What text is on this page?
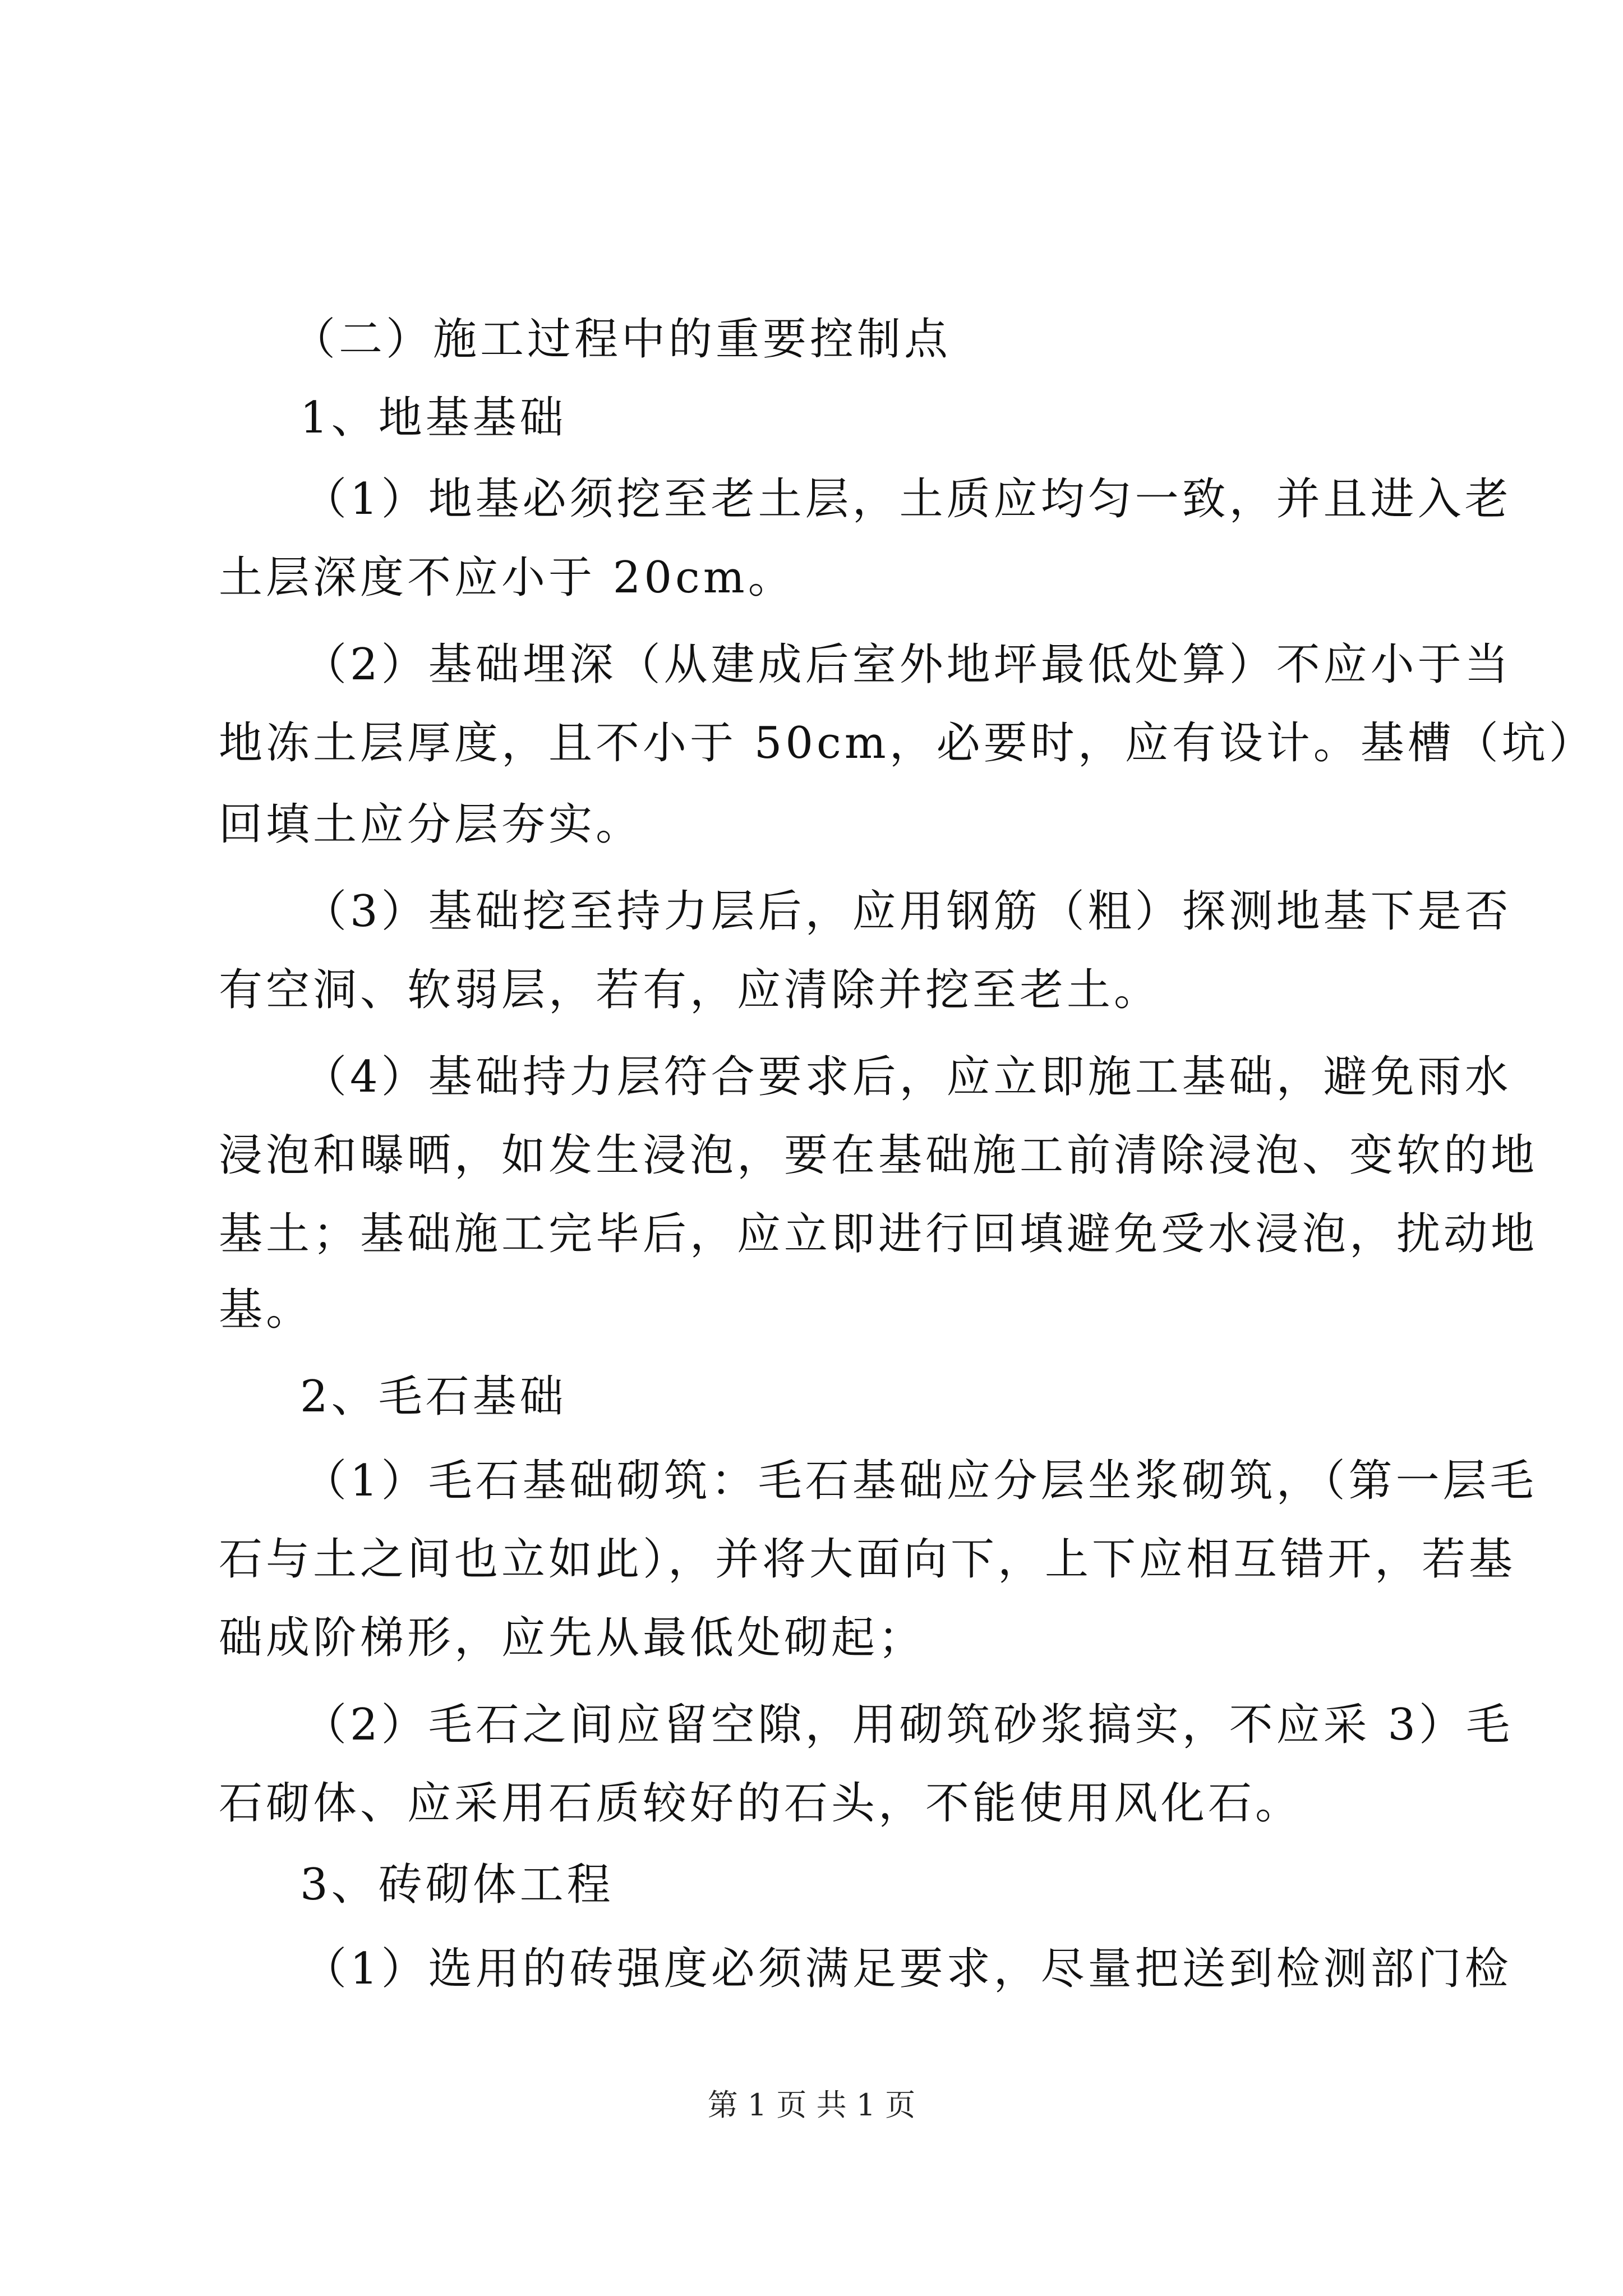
（二）施工过程中的重要控制点
1、地基基础
（1）地基必须挖至老土层，土质应均匀一致，并且进入老
土层深度不应小于 20cm。
（2）基础埋深（从建成后室外地坪最低处算）不应小于当
地冻土层厚度，且不小于 50cm，必要时，应有设计。基槽（坑）
回填土应分层夯实。
（3）基础挖至持力层后，应用钢筋（粗）探测地基下是否
有空洞、软弱层，若有，应清除并挖至老土。
（4）基础持力层符合要求后，应立即施工基础，避免雨水
浸泡和曝晒，如发生浸泡，要在基础施工前清除浸泡、变软的地
基土；基础施工完毕后，应立即进行回填避免受水浸泡，扰动地
基。
2、毛石基础
（1）毛石基础砌筑：毛石基础应分层坐浆砌筑，（第一层毛
石与土之间也立如此），并将大面向下，上下应相互错开，若基
础成阶梯形，应先从最低处砌起；
（2）毛石之间应留空隙，用砌筑砂浆搞实，不应采 3）毛
石砌体、应采用石质较好的石头，不能使用风化石。
3、砖砌体工程
（1）选用的砖强度必须满足要求，尽量把送到检测部门检
第 1 页 共 1 页
